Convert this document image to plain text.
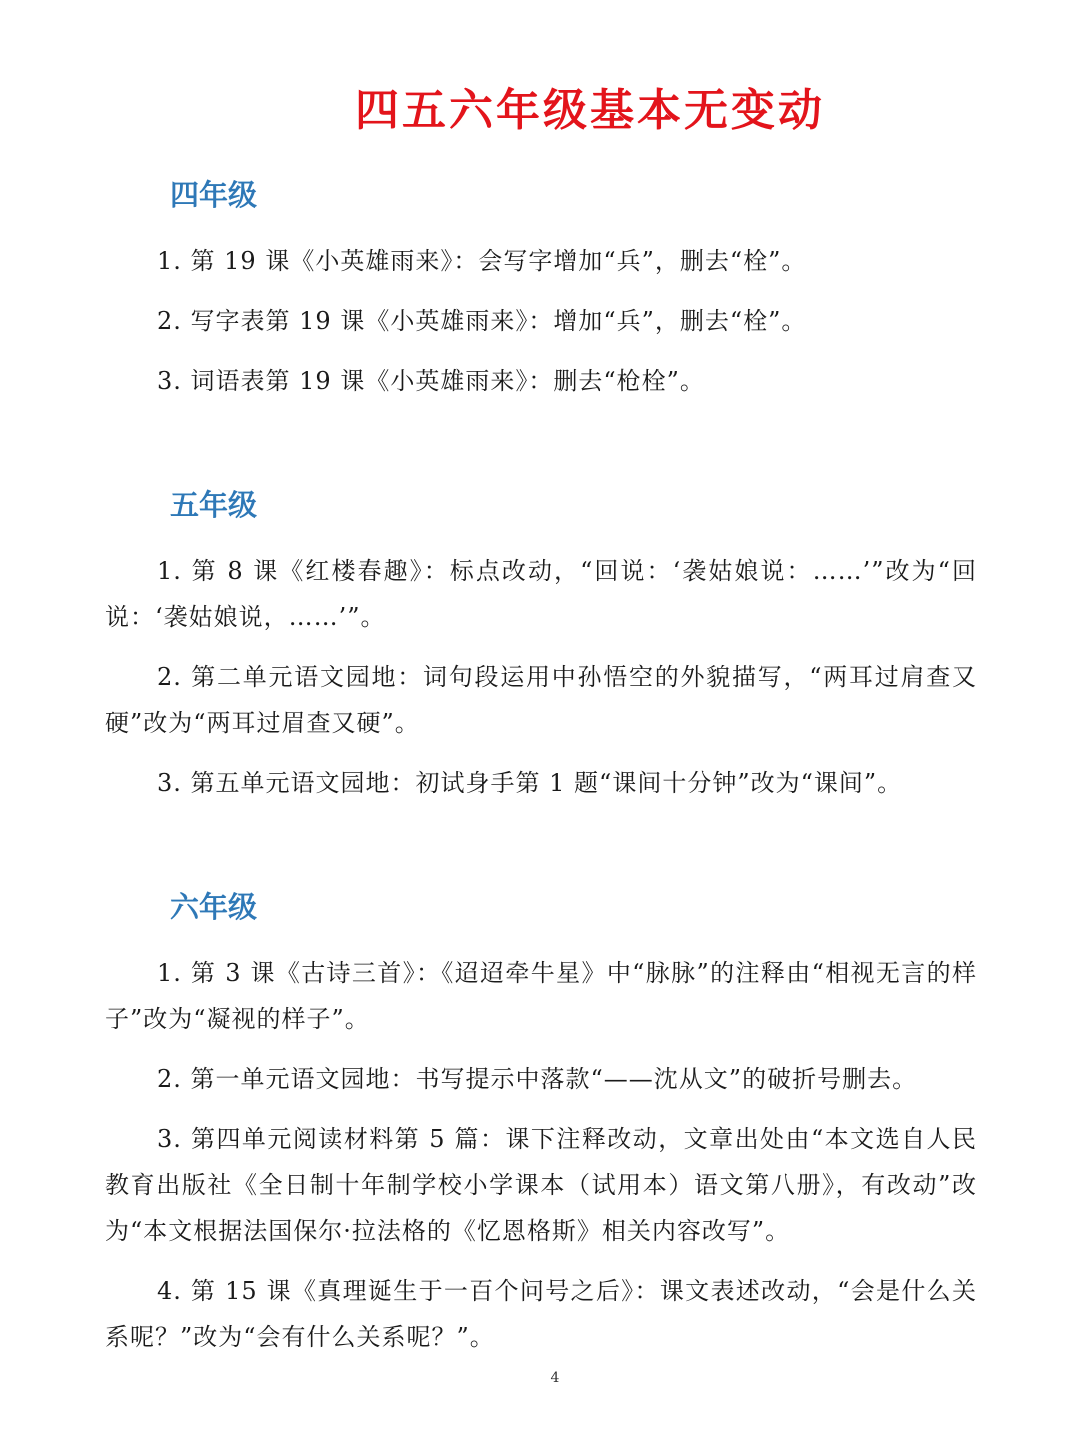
四五六年级基本无变动
四年级

1. 第 19 课《小英雄雨来》：会写字增加“兵”，删去“栓”。

2. 写字表第 19 课《小英雄雨来》：增加“兵”，删去“栓”。

3. 词语表第 19 课《小英雄雨来》：删去“枪栓”。

五年级

1. 第 8 课《红楼春趣》：标点改动，“回说：‘袭姑娘说：……’”改为“回说：‘袭姑娘说，……’”。

2. 第二单元语文园地：词句段运用中孙悟空的外貌描写，“两耳过肩查又硬”改为“两耳过眉查又硬”。

3. 第五单元语文园地：初试身手第 1 题“课间十分钟”改为“课间”。

六年级

1. 第 3 课《古诗三首》：《迢迢牵牛星》中“脉脉”的注释由“相视无言的样子”改为“凝视的样子”。

2. 第一单元语文园地：书写提示中落款“——沈从文”的破折号删去。

3. 第四单元阅读材料第 5 篇：课下注释改动，文章出处由“本文选自人民教育出版社《全日制十年制学校小学课本（试用本）语文第八册》，有改动”改为“本文根据法国保尔·拉法格的《忆恩格斯》相关内容改写”。

4. 第 15 课《真理诞生于一百个问号之后》：课文表述改动，“会是什么关系呢？”改为“会有什么关系呢？”。

4
